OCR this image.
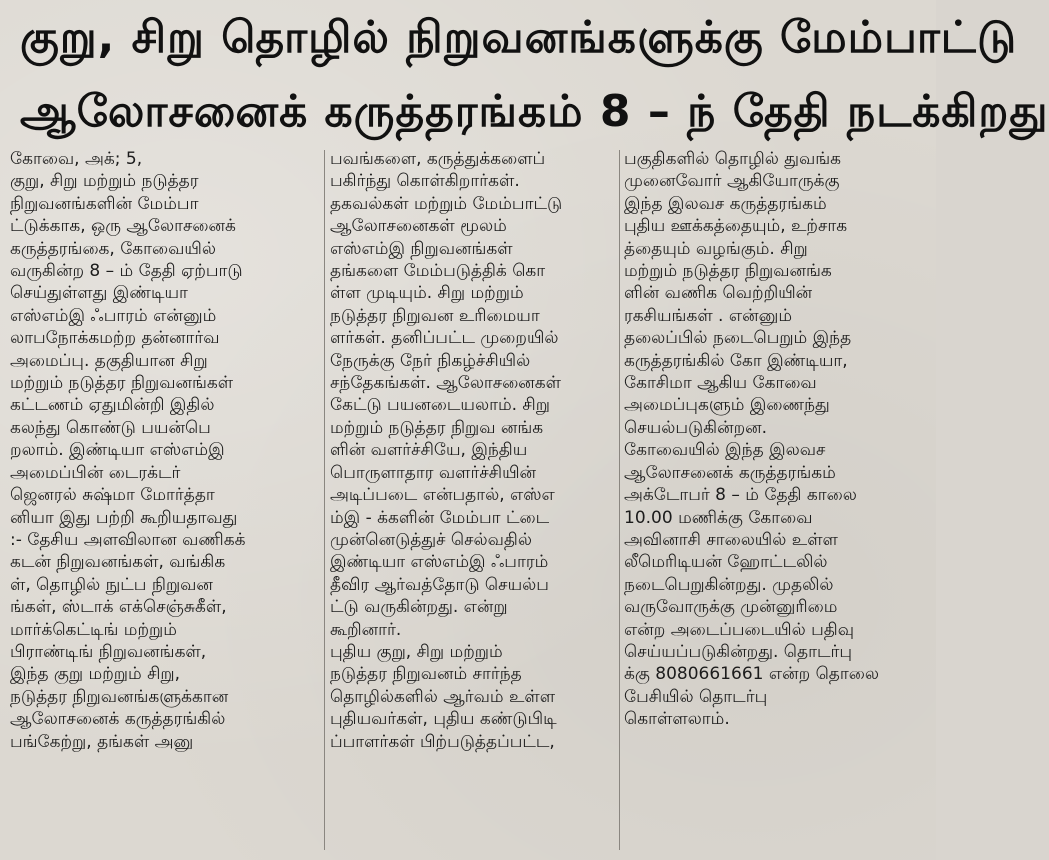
குறு, சிறு தொழில் நிறுவனங்களுக்கு மேம்பாட்டு
ஆலோசனைக் கருத்தரங்கம் 8 – ந் தேதி நடக்கிறது
கோவை, அக்; 5,
குறு, சிறு மற்றும் நடுத்தர
நிறுவனங்களின் மேம்பா
ட்டுக்காக, ஒரு ஆலோசனைக்
கருத்தரங்கை, கோவையில்
வருகின்ற 8 – ம் தேதி ஏற்பாடு
செய்துள்ளது இண்டியா
எஸ்எம்இ ஃபாரம் என்னும்
லாபநோக்கமற்ற தன்னார்வ
அமைப்பு. தகுதியான சிறு
மற்றும் நடுத்தர நிறுவனங்கள்
கட்டணம் ஏதுமின்றி இதில்
கலந்து கொண்டு பயன்பெ
றலாம். இண்டியா எஸ்எம்இ
அமைப்பின் டைரக்டர்
ஜெனரல் சுஷ்மா மோர்த்தா
னியா இது பற்றி கூறியதாவது
:- தேசிய அளவிலான வணிகக்
கடன் நிறுவனங்கள், வங்கிக
ள், தொழில் நுட்ப நிறுவன
ங்கள், ஸ்டாக் எக்செஞ்சுகீள்,
மார்க்கெட்டிங் மற்றும்
பிராண்டிங் நிறுவனங்கள்,
இந்த குறு மற்றும் சிறு,
நடுத்தர நிறுவனங்களுக்கான
ஆலோசனைக் கருத்தரங்கில்
பங்கேற்று, தங்கள் அனு
பவங்களை, கருத்துக்களைப்
பகிர்ந்து கொள்கிறார்கள்.
தகவல்கள் மற்றும் மேம்பாட்டு
ஆலோசனைகள் மூலம்
எஸ்எம்இ நிறுவனங்கள்
தங்களை மேம்படுத்திக் கொ
ள்ள முடியும். சிறு மற்றும்
நடுத்தர நிறுவன உரிமையா
ளர்கள். தனிப்பட்ட முறையில்
நேருக்கு நேர் நிகழ்ச்சியில்
சந்தேகங்கள். ஆலோசனைகள்
கேட்டு பயனடையலாம். சிறு
மற்றும் நடுத்தர நிறுவ னங்க
ளின் வளர்ச்சியே, இந்திய
பொருளாதார வளர்ச்சியின்
அடிப்படை என்பதால், எஸ்எ
ம்இ - க்களின் மேம்பா ட்டை
முன்னெடுத்துச் செல்வதில்
இண்டியா எஸ்எம்இ ஃபாரம்
தீவிர ஆர்வத்தோடு செயல்ப
ட்டு வருகின்றது. என்று
கூறினார்.
புதிய குறு, சிறு மற்றும்
நடுத்தர நிறுவனம் சார்ந்த
தொழில்களில் ஆர்வம் உள்ள
புதியவர்கள், புதிய கண்டுபிடி
ப்பாளர்கள் பிற்படுத்தப்பட்ட,
பகுதிகளில் தொழில் துவங்க
முனைவோர் ஆகியோருக்கு
இந்த இலவச கருத்தரங்கம்
புதிய ஊக்கத்தையும், உற்சாக
த்தையும் வழங்கும். சிறு
மற்றும் நடுத்தர நிறுவனங்க
ளின் வணிக வெற்றியின்
ரகசியங்கள் . என்னும்
தலைப்பில் நடைபெறும் இந்த
கருத்தரங்கில் கோ இண்டியா,
கோசிமா ஆகிய கோவை
அமைப்புகளும் இணைந்து
செயல்படுகின்றன.
கோவையில் இந்த இலவச
ஆலோசனைக் கருத்தரங்கம்
அக்டோபர் 8 – ம் தேதி காலை
10.00 மணிக்கு கோவை
அவினாசி சாலையில் உள்ள
லீமெரிடியன் ஹோட்டலில்
நடைபெறுகின்றது. முதலில்
வருவோருக்கு முன்னுரிமை
என்ற அடைப்படையில் பதிவு
செய்யப்படுகின்றது. தொடர்பு
க்கு 8080661661 என்ற தொலை
பேசியில் தொடர்பு
கொள்ளலாம்.
